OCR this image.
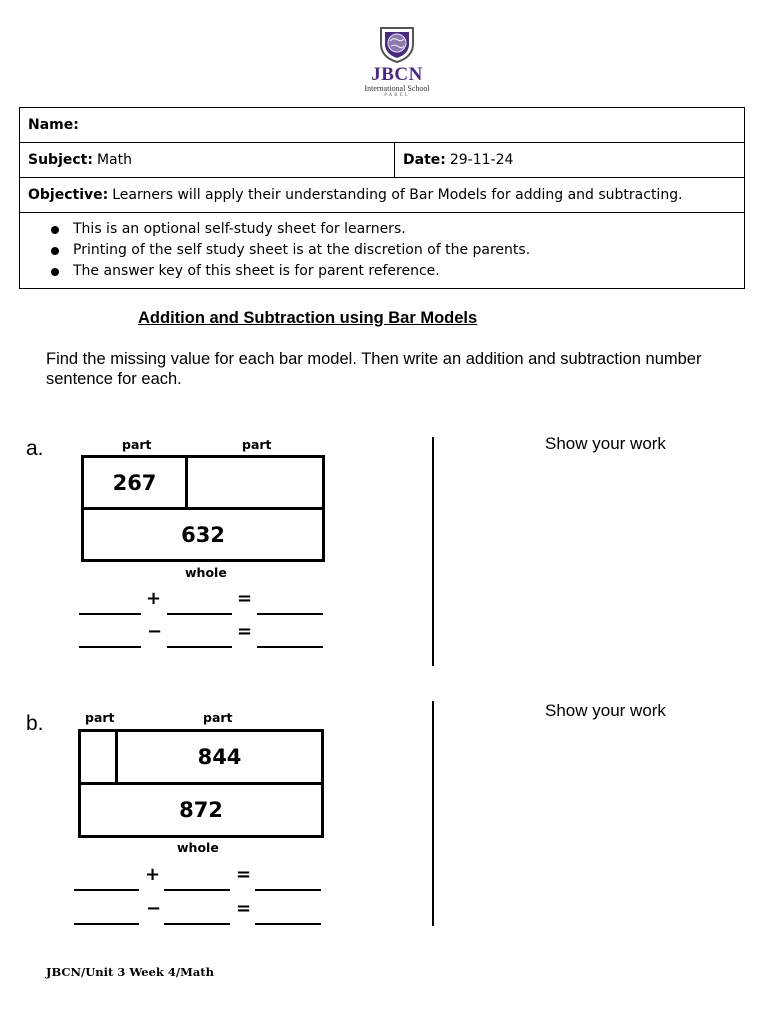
JBCN
International School
PAREL
Name:
Subject: Math	Date: 29-11-24
Objective: Learners will apply their understanding of Bar Models for adding and subtracting.
This is an optional self-study sheet for learners.
Printing of the self study sheet is at the discretion of the parents.
The answer key of this sheet is for parent reference.
Addition and Subtraction using Bar Models
Find the missing value for each bar model. Then write an addition and subtraction number sentence for each.
a.	part	part
267
632
whole
+	=
−	=
Show your work
b.	part	part
844
872
whole
+	=
−	=
Show your work
JBCN/Unit 3 Week 4/Math
